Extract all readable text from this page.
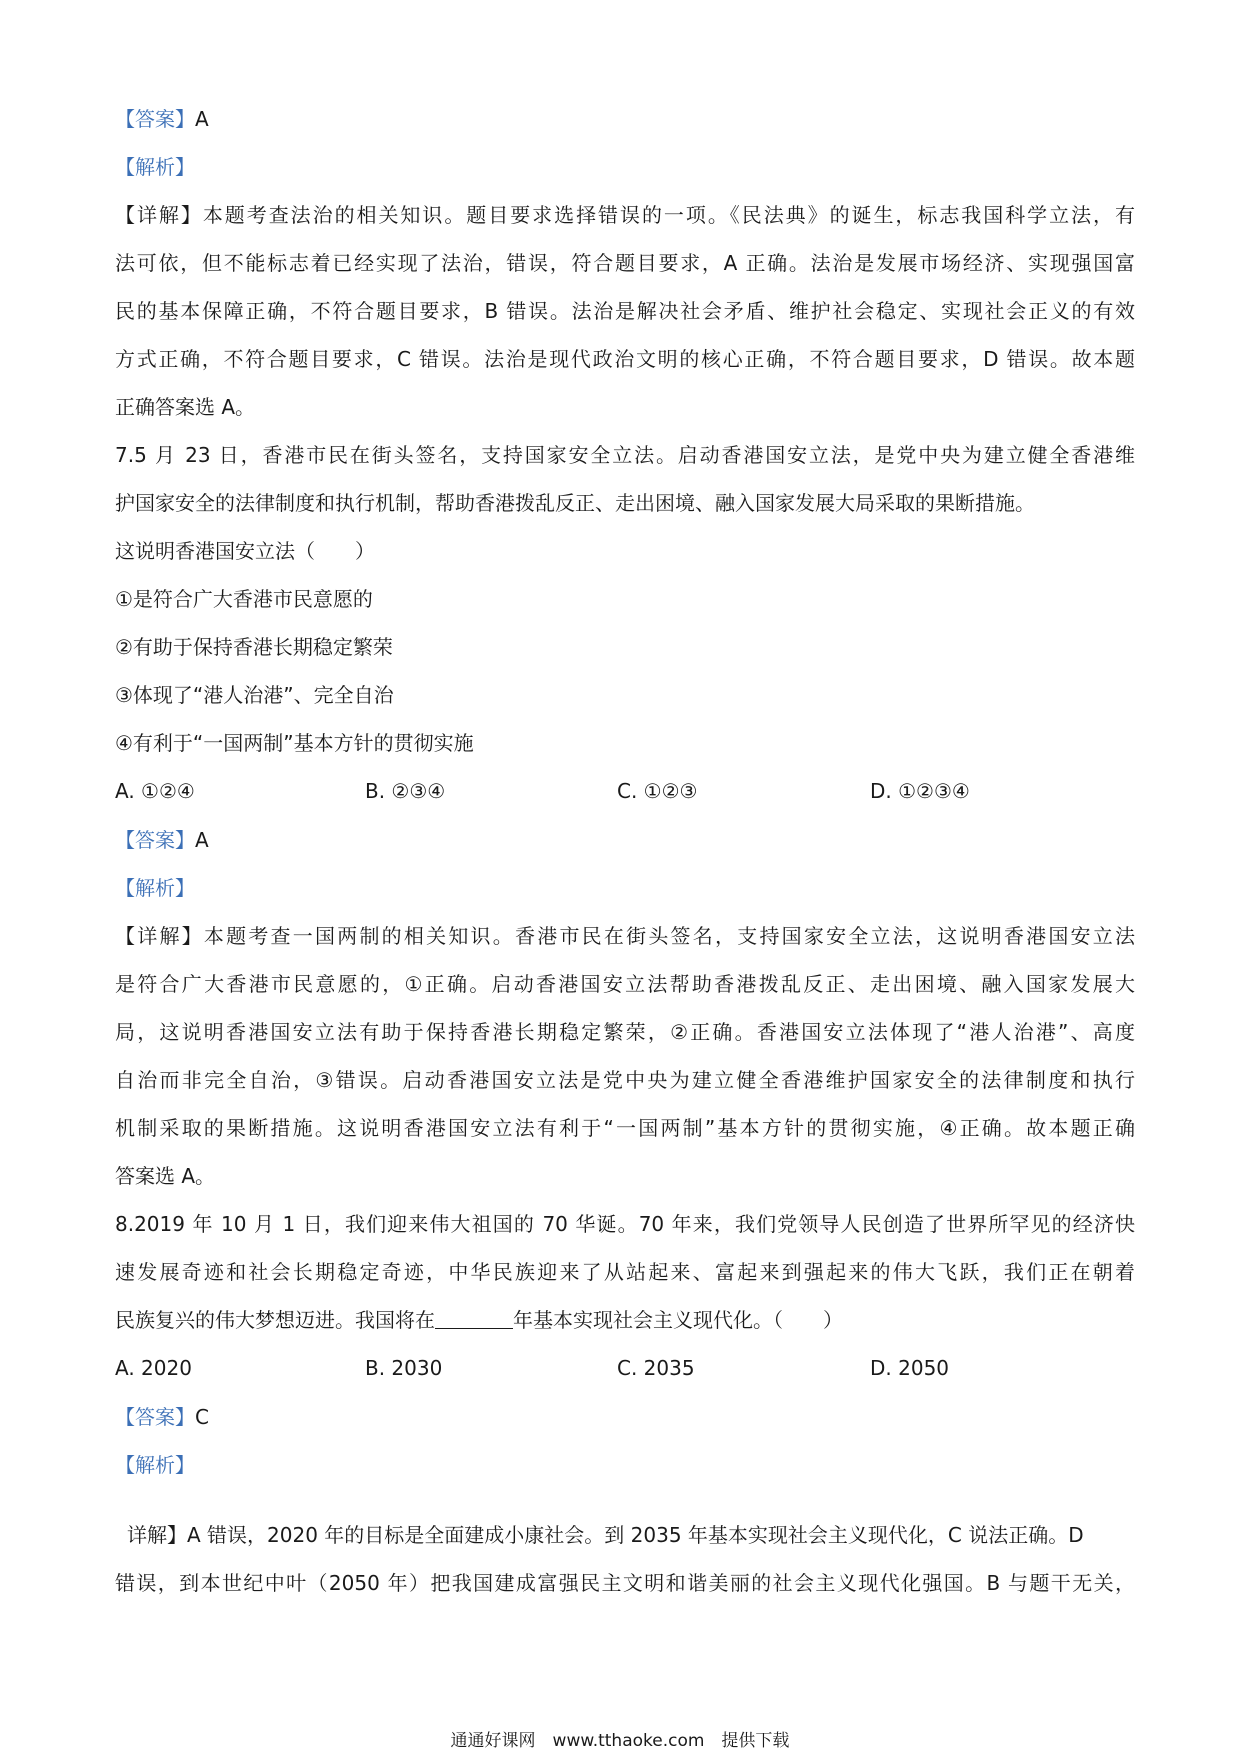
【答案】A
【解析】
【详解】本题考查法治的相关知识。题目要求选择错误的一项。《民法典》的诞生，标志我国科学立法，有
法可依，但不能标志着已经实现了法治，错误，符合题目要求，A 正确。法治是发展市场经济、实现强国富
民的基本保障正确，不符合题目要求，B 错误。法治是解决社会矛盾、维护社会稳定、实现社会正义的有效
方式正确，不符合题目要求，C 错误。法治是现代政治文明的核心正确，不符合题目要求，D 错误。故本题
正确答案选 A。
7.5 月 23 日，香港市民在街头签名，支持国家安全立法。启动香港国安立法，是党中央为建立健全香港维
护国家安全的法律制度和执行机制，帮助香港拨乱反正、走出困境、融入国家发展大局采取的果断措施。
这说明香港国安立法（　　）
①是符合广大香港市民意愿的
②有助于保持香港长期稳定繁荣
③体现了“港人治港”、完全自治
④有利于“一国两制”基本方针的贯彻实施
A. ①②④	B. ②③④	C. ①②③	D. ①②③④
【答案】A
【解析】
【详解】本题考查一国两制的相关知识。香港市民在街头签名，支持国家安全立法，这说明香港国安立法
是符合广大香港市民意愿的，①正确。启动香港国安立法帮助香港拨乱反正、走出困境、融入国家发展大
局，这说明香港国安立法有助于保持香港长期稳定繁荣，②正确。香港国安立法体现了“港人治港”、高度
自治而非完全自治，③错误。启动香港国安立法是党中央为建立健全香港维护国家安全的法律制度和执行
机制采取的果断措施。这说明香港国安立法有利于“一国两制”基本方针的贯彻实施，④正确。故本题正确
答案选 A。
8.2019 年 10 月 1 日，我们迎来伟大祖国的 70 华诞。70 年来，我们党领导人民创造了世界所罕见的经济快
速发展奇迹和社会长期稳定奇迹，中华民族迎来了从站起来、富起来到强起来的伟大飞跃，我们正在朝着
民族复兴的伟大梦想迈进。我国将在	年基本实现社会主义现代化。（　　）
A. 2020	B. 2030	C. 2035	D. 2050
【答案】C
【解析】
详解】A 错误，2020 年的目标是全面建成小康社会。到 2035 年基本实现社会主义现代化，C 说法正确。D
错误，到本世纪中叶（2050 年）把我国建成富强民主文明和谐美丽的社会主义现代化强国。B 与题干无关，
通通好课网　www.tthaoke.com　提供下载
